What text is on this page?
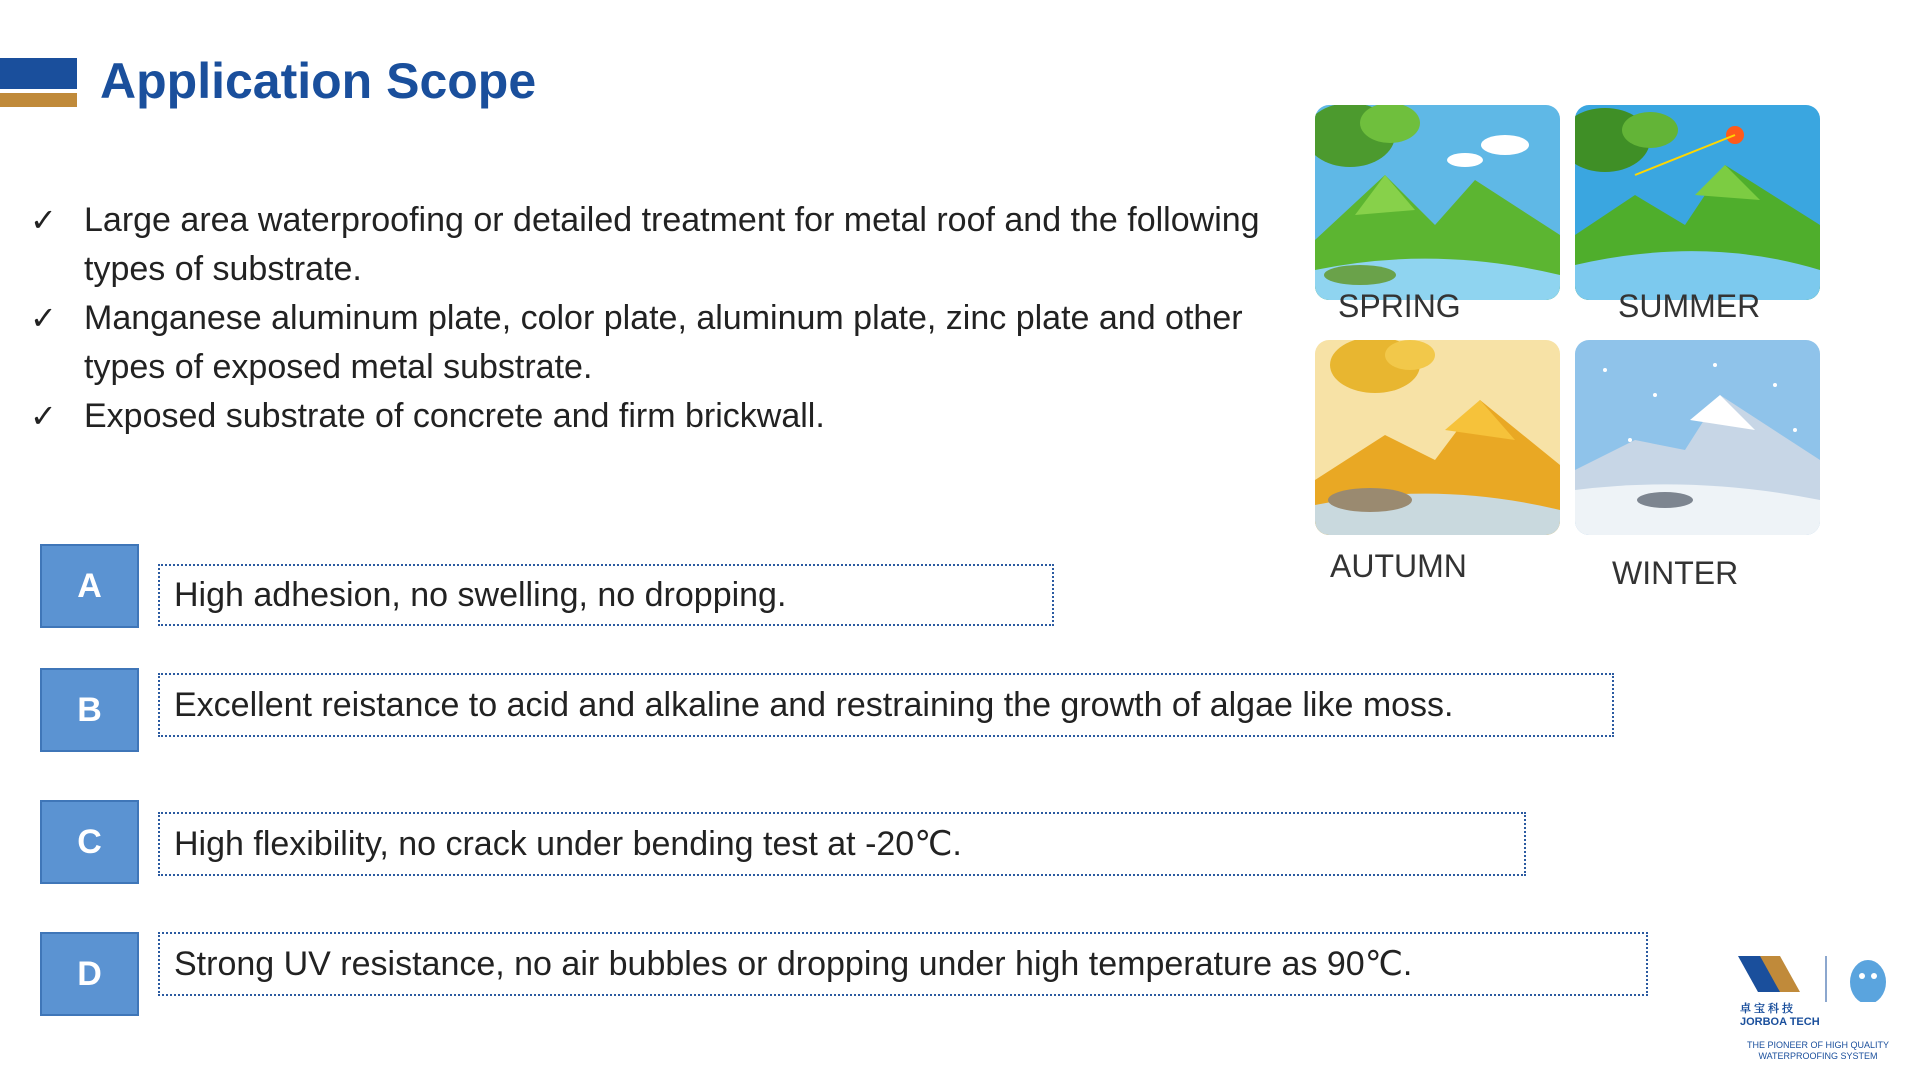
Application Scope
✓ Large area waterproofing or detailed treatment for metal roof and the following types of substrate.
✓ Manganese aluminum plate, color plate, aluminum plate, zinc plate and other types of exposed metal substrate.
✓ Exposed substrate of concrete and firm brickwall.
A	High adhesion, no swelling, no dropping.
B	Excellent reistance to acid and alkaline and restraining the growth of algae like moss.
C	High flexibility, no crack under bending test at -20℃.
D	Strong UV resistance, no air bubbles or dropping under high temperature as 90℃.
SPRING	SUMMER
AUTUMN	WINTER
卓宝科技
JORBOA TECH
THE PIONEER OF HIGH QUALITY
WATERPROOFING SYSTEM
